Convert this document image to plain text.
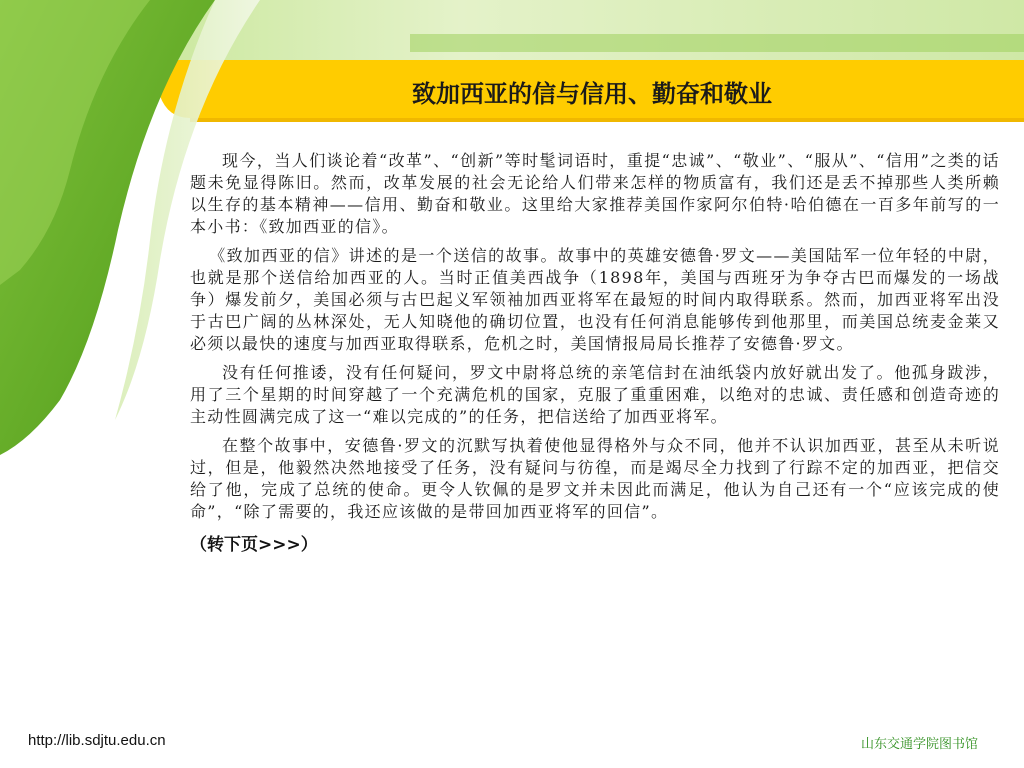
致加西亚的信与信用、勤奋和敬业

现今，当人们谈论着“改革”、“创新”等时髦词语时，重提“忠诚”、“敬业”、“服从”、“信用”之类的话题未免显得陈旧。然而，改革发展的社会无论给人们带来怎样的物质富有，我们还是丢不掉那些人类所赖以生存的基本精神——信用、勤奋和敬业。这里给大家推荐美国作家阿尔伯特·哈伯德在一百多年前写的一本小书：《致加西亚的信》。

《致加西亚的信》讲述的是一个送信的故事。故事中的英雄安德鲁·罗文——美国陆军一位年轻的中尉，也就是那个送信给加西亚的人。当时正值美西战争（1898年，美国与西班牙为争夺古巴而爆发的一场战争）爆发前夕，美国必须与古巴起义军领袖加西亚将军在最短的时间内取得联系。然而，加西亚将军出没于古巴广阔的丛林深处，无人知晓他的确切位置，也没有任何消息能够传到他那里，而美国总统麦金莱又必须以最快的速度与加西亚取得联系，危机之时，美国情报局局长推荐了安德鲁·罗文。

没有任何推诿，没有任何疑问，罗文中尉将总统的亲笔信封在油纸袋内放好就出发了。他孤身跋涉，用了三个星期的时间穿越了一个充满危机的国家，克服了重重困难，以绝对的忠诚、责任感和创造奇迹的主动性圆满完成了这一“难以完成的”的任务，把信送给了加西亚将军。

在整个故事中，安德鲁·罗文的沉默写执着使他显得格外与众不同，他并不认识加西亚，甚至从未听说过，但是，他毅然决然地接受了任务，没有疑问与彷徨，而是竭尽全力找到了行踪不定的加西亚，把信交给了他，完成了总统的使命。更令人钦佩的是罗文并未因此而满足，他认为自己还有一个“应该完成的使命”，“除了需要的，我还应该做的是带回加西亚将军的回信”。

（转下页>>>）

http://lib.sdjtu.edu.cn	山东交通学院图书馆
